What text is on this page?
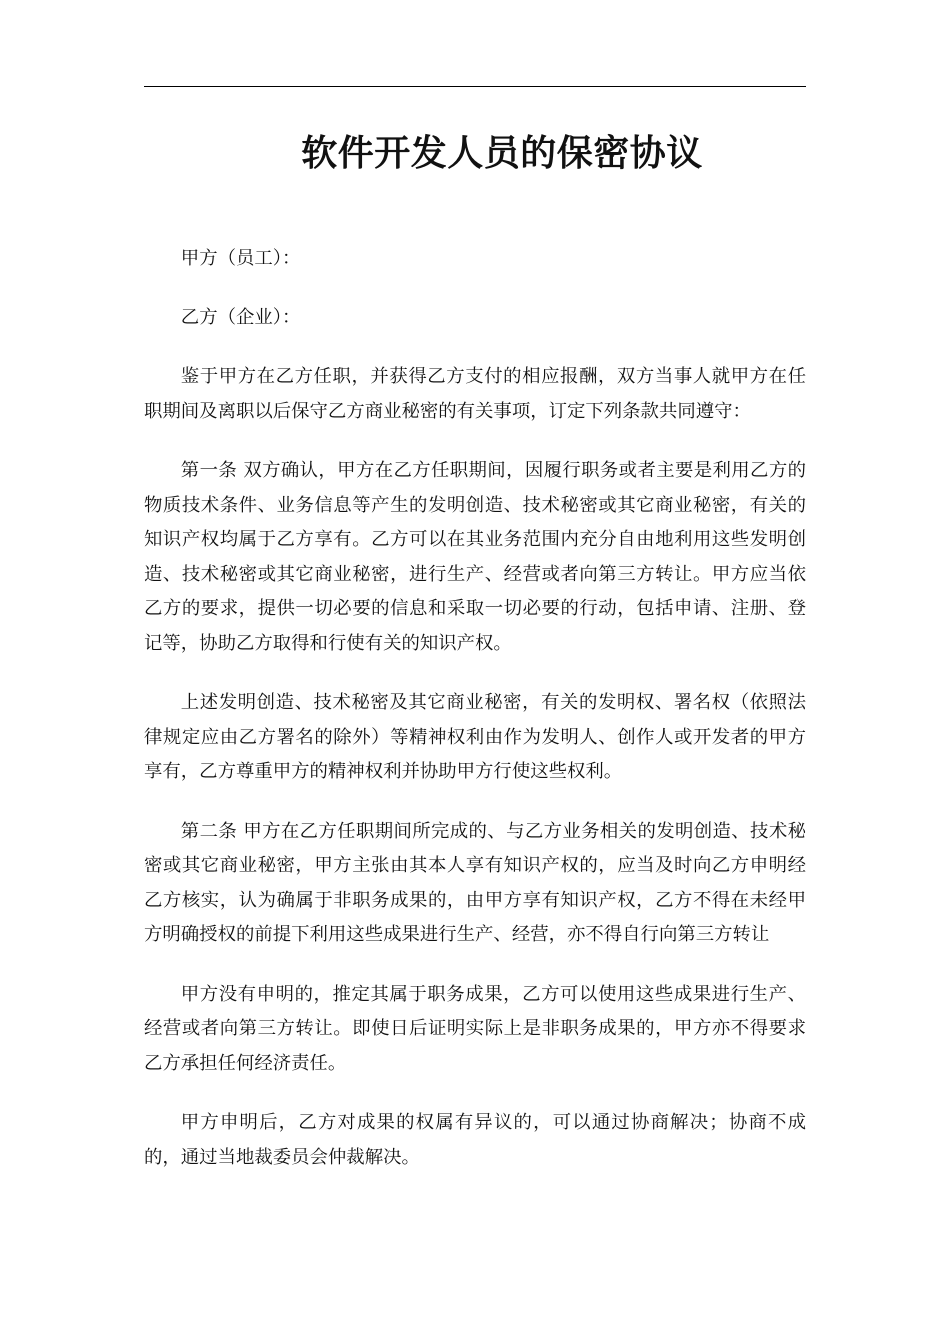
软件开发人员的保密协议

甲方（员工）：

乙方（企业）：

鉴于甲方在乙方任职，并获得乙方支付的相应报酬，双方当事人就甲方在任职期间及离职以后保守乙方商业秘密的有关事项，订定下列条款共同遵守：

第一条 双方确认，甲方在乙方任职期间，因履行职务或者主要是利用乙方的物质技术条件、业务信息等产生的发明创造、技术秘密或其它商业秘密，有关的知识产权均属于乙方享有。乙方可以在其业务范围内充分自由地利用这些发明创造、技术秘密或其它商业秘密，进行生产、经营或者向第三方转让。甲方应当依乙方的要求，提供一切必要的信息和采取一切必要的行动，包括申请、注册、登记等，协助乙方取得和行使有关的知识产权。

上述发明创造、技术秘密及其它商业秘密，有关的发明权、署名权（依照法律规定应由乙方署名的除外）等精神权利由作为发明人、创作人或开发者的甲方享有，乙方尊重甲方的精神权利并协助甲方行使这些权利。

第二条 甲方在乙方任职期间所完成的、与乙方业务相关的发明创造、技术秘密或其它商业秘密，甲方主张由其本人享有知识产权的，应当及时向乙方申明经乙方核实，认为确属于非职务成果的，由甲方享有知识产权，乙方不得在未经甲方明确授权的前提下利用这些成果进行生产、经营，亦不得自行向第三方转让

甲方没有申明的，推定其属于职务成果，乙方可以使用这些成果进行生产、经营或者向第三方转让。即使日后证明实际上是非职务成果的，甲方亦不得要求乙方承担任何经济责任。

甲方申明后，乙方对成果的权属有异议的，可以通过协商解决；协商不成的，通过当地裁委员会仲裁解决。
